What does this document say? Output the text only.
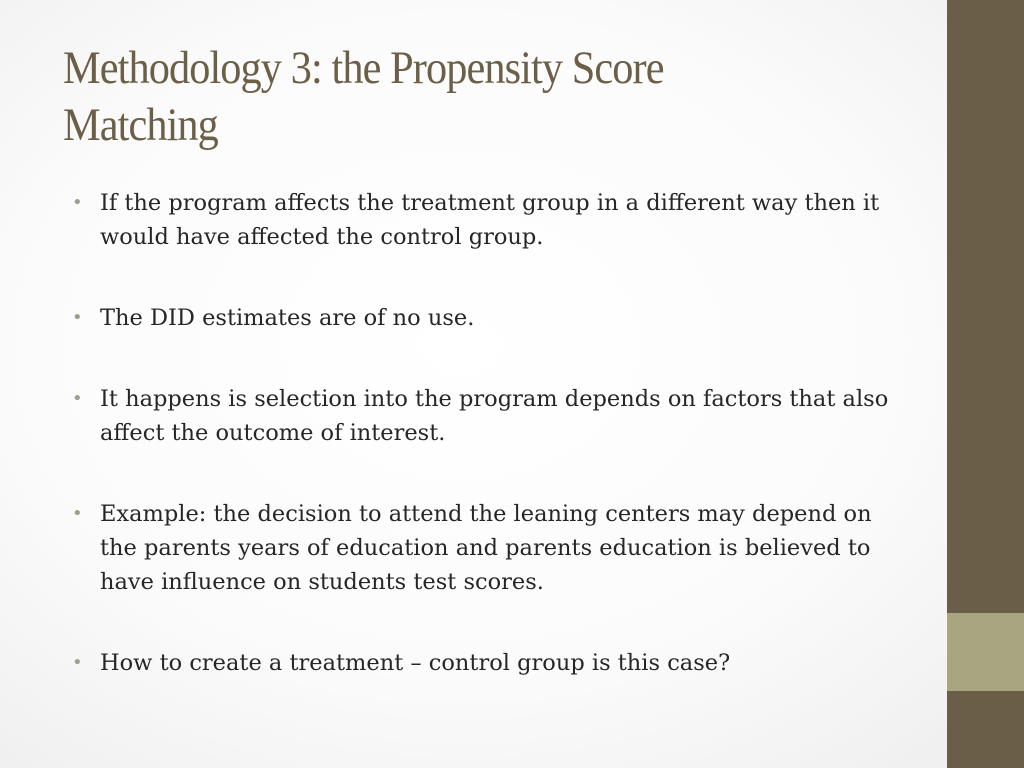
Methodology 3: the Propensity Score
Matching
• If the program affects the treatment group in a different way then it would have affected the control group.
• The DID estimates are of no use.
• It happens is selection into the program depends on factors that also affect the outcome of interest.
• Example: the decision to attend the leaning centers may depend on the parents years of education and parents education is believed to have influence on students test scores.
• How to create a treatment – control group is this case?
